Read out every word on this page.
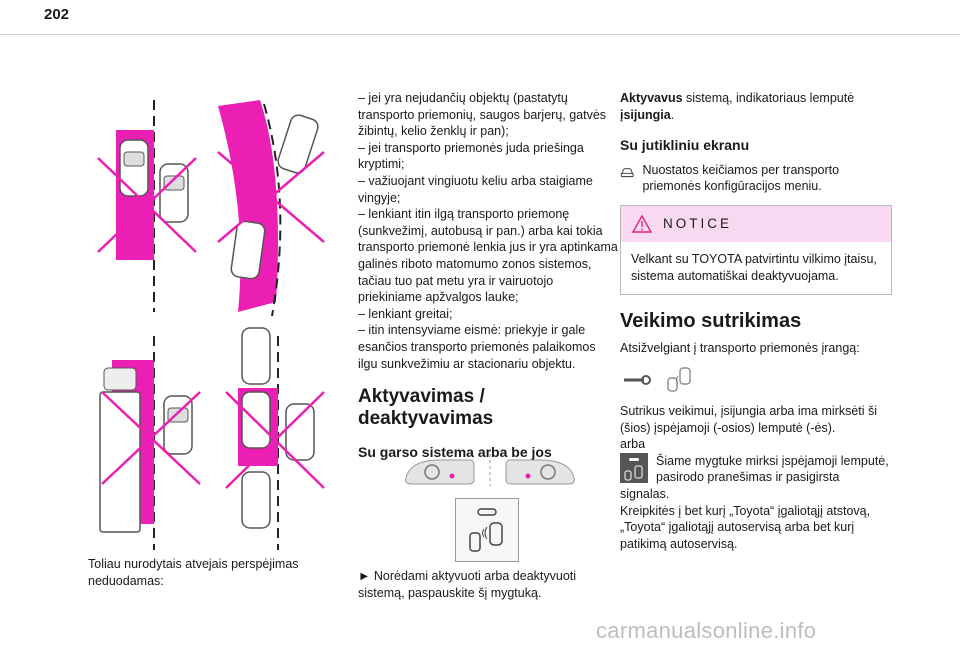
202
Toliau nurodytais atvejais perspėjimas neduodamas:

– jei yra nejudančių objektų (pastatytų transporto priemonių, saugos barjerų, gatvės žibintų, kelio ženklų ir pan);

– jei transporto priemonės juda priešinga kryptimi;

– važiuojant vingiuotu keliu arba staigiame vingyje;

– lenkiant itin ilgą transporto priemonę (sunkvežimį, autobusą ir pan.) arba kai tokia transporto priemonė lenkia jus ir yra aptinkama galinės riboto matomumo zonos sistemos, tačiau tuo pat metu yra ir vairuotojo priekiniame apžvalgos lauke;

– lenkiant greitai;

– itin intensyviame eismė: priekyje ir gale esančios transporto priemonės palaikomos ilgu sunkvežimiu ar stacionariu objektu.

Aktyvavimas / deaktyvavimas
Su garso sistema arba be jos
► Norėdami aktyvuoti arba deaktyvuoti sistemą, paspauskite šį mygtuką.

Aktyvavus sistemą, indikatoriaus lemputė įsijungia.

Su jutikliniu ekranu

Nuostatos keičiamos per transporto priemonės konfigūracijos meniu.

NOTICE
Velkant su TOYOTA patvirtintu vilkimo įtaisu, sistema automatiškai deaktyvuojama.
Veikimo sutrikimas

Atsižvelgiant į transporto priemonės įrangą:

Sutrikus veikimui, įsijungia arba ima mirksėti ši (šios) įspėjamoji (-osios) lemputė (-ės).

arba

Šiame mygtuke mirksi įspėjamoji lemputė, pasirodo pranešimas ir pasigirsta signalas.

Kreipkitės į bet kurį „Toyota“ įgaliotąjį atstovą, „Toyota“ įgaliotąjį autoservisą arba bet kurį patikimą autoservisą.

carmanualsonline.info
